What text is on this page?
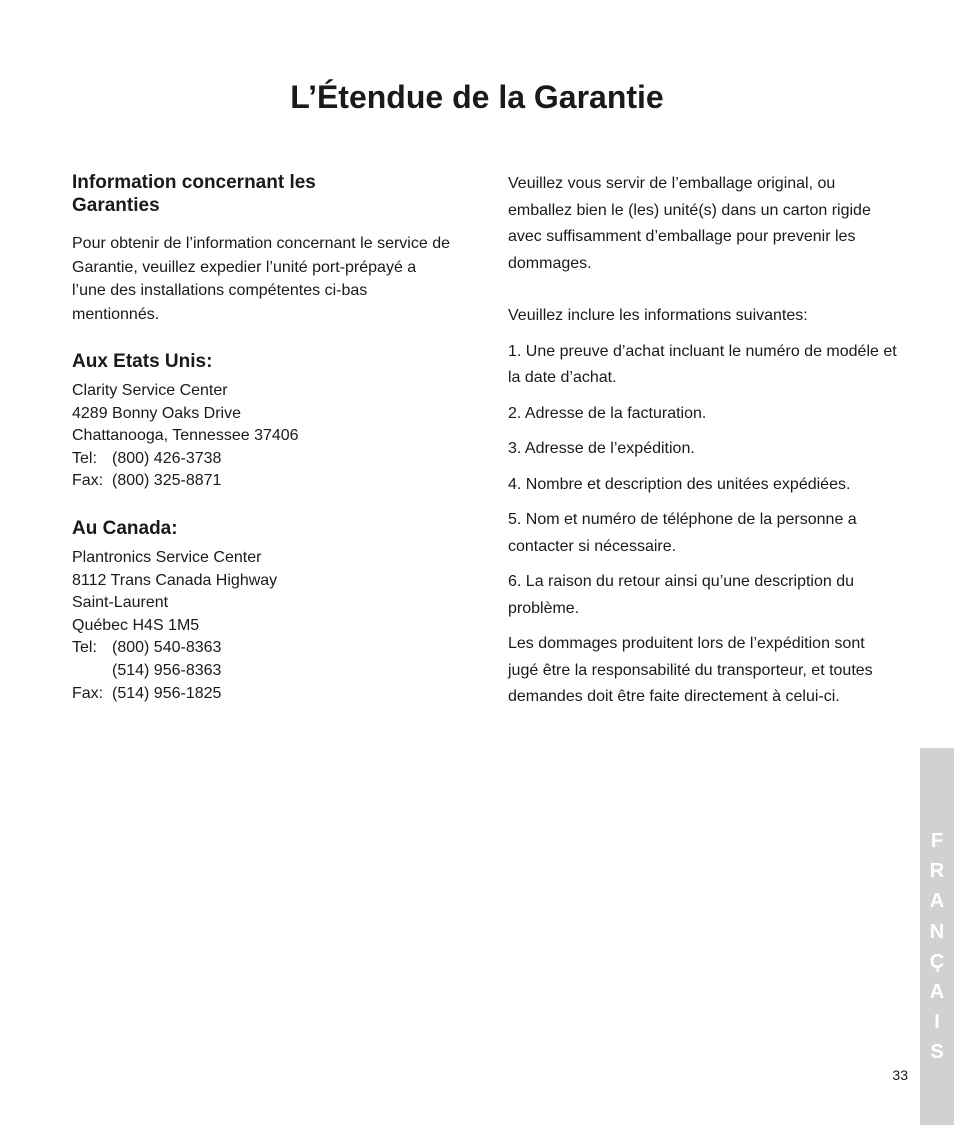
L’Étendue de la Garantie
Information concernant les Garanties

Pour obtenir de l’information concernant le service de Garantie, veuillez expedier l’unité port-prépayé a l’une des installations compétentes ci-bas mentionnés.

Aux Etats Unis:
Clarity Service Center
4289 Bonny Oaks Drive
Chattanooga, Tennessee 37406
Tel: (800) 426-3738
Fax: (800) 325-8871
Au Canada:
Plantronics Service Center
8112 Trans Canada Highway
Saint-Laurent
Québec H4S 1M5
Tel: (800) 540-8363
(514) 956-8363
Fax: (514) 956-1825

Veuillez vous servir de l’emballage original, ou emballez bien le (les) unité(s) dans un carton rigide avec suffisamment d’emballage pour prevenir les dommages.

Veuillez inclure les informations suivantes:

1. Une preuve d’achat incluant le numéro de modéle et la date d’achat.

2. Adresse de la facturation.

3. Adresse de l’expédition.

4. Nombre et description des unitées expédiées.

5. Nom et numéro de téléphone de la personne a contacter si nécessaire.

6. La raison du retour ainsi qu’une description du problème.

Les dommages produitent lors de l’expédition sont jugé être la responsabilité du transporteur, et toutes demandes doit être faite directement à celui-ci.

F
R
A
N
Ç
A
I
S
33
